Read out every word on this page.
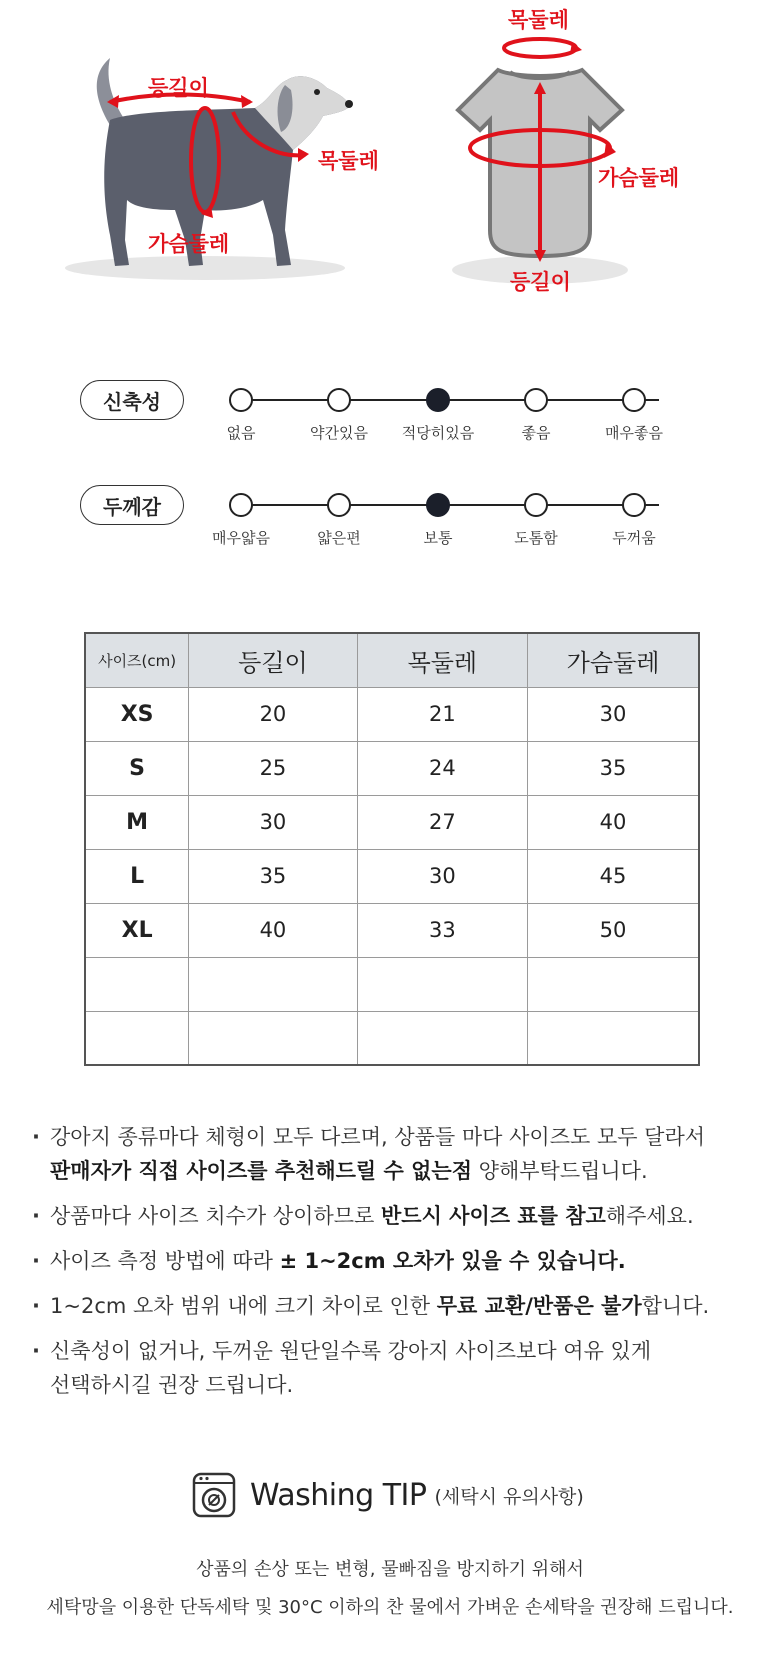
등길이
목둘레
가슴둘레
목둘레
가슴둘레
등길이
신축성
없음	약간있음	적당히있음	좋음	매우좋음
두께감
매우얇음	얇은편	보통	도톰함	두꺼움
사이즈(cm)	등길이	목둘레	가슴둘레
XS	20	21	30
S	25	24	35
M	30	27	40
L	35	30	45
XL	40	33	50

· 강아지 종류마다 체형이 모두 다르며, 상품들 마다 사이즈도 모두 달라서
판매자가 직접 사이즈를 추천해드릴 수 없는점 양해부탁드립니다.

· 상품마다 사이즈 치수가 상이하므로 반드시 사이즈 표를 참고해주세요.

· 사이즈 측정 방법에 따라 ± 1~2cm 오차가 있을 수 있습니다.

· 1~2cm 오차 범위 내에 크기 차이로 인한 무료 교환/반품은 불가합니다.

· 신축성이 없거나, 두꺼운 원단일수록 강아지 사이즈보다 여유 있게
선택하시길 권장 드립니다.

Washing TIP (세탁시 유의사항)

상품의 손상 또는 변형, 물빠짐을 방지하기 위해서

세탁망을 이용한 단독세탁 및 30°C 이하의 찬 물에서 가벼운 손세탁을 권장해 드립니다.
